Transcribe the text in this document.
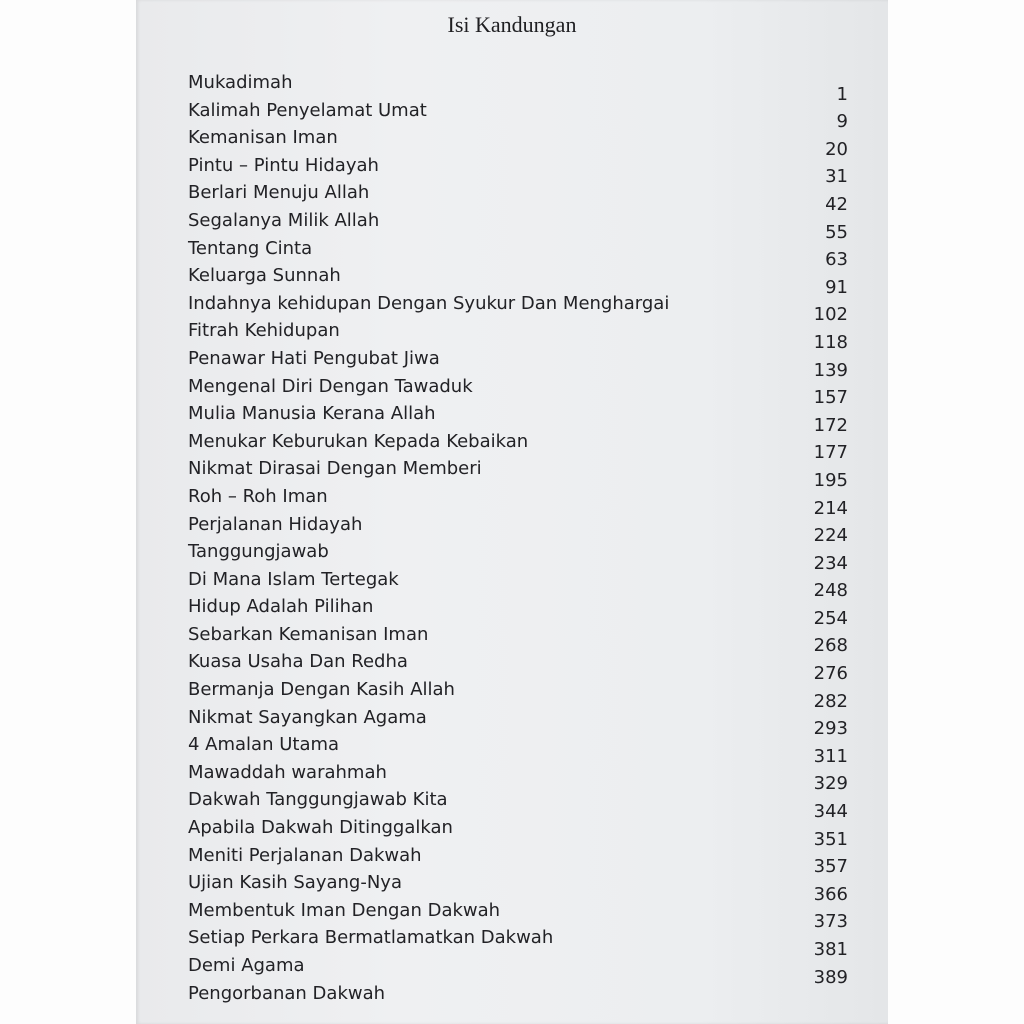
Isi Kandungan
Mukadimah
Kalimah Penyelamat Umat
1
Kemanisan Iman
9
Pintu – Pintu Hidayah
20
Berlari Menuju Allah
31
Segalanya Milik Allah
42
Tentang Cinta
55
Keluarga Sunnah
63
Indahnya kehidupan Dengan Syukur Dan Menghargai
91
Fitrah Kehidupan
102
Penawar Hati Pengubat Jiwa
118
Mengenal Diri Dengan Tawaduk
139
Mulia Manusia Kerana Allah
157
Menukar Keburukan Kepada Kebaikan
172
Nikmat Dirasai Dengan Memberi
177
Roh – Roh Iman
195
Perjalanan Hidayah
214
Tanggungjawab
224
Di Mana Islam Tertegak
234
Hidup Adalah Pilihan
248
Sebarkan Kemanisan Iman
254
Kuasa Usaha Dan Redha
268
Bermanja Dengan Kasih Allah
276
Nikmat Sayangkan Agama
282
4 Amalan Utama
293
Mawaddah warahmah
311
Dakwah Tanggungjawab Kita
329
Apabila Dakwah Ditinggalkan
344
Meniti Perjalanan Dakwah
351
Ujian Kasih Sayang-Nya
357
Membentuk Iman Dengan Dakwah
366
Setiap Perkara Bermatlamatkan Dakwah
373
Demi Agama
381
Pengorbanan Dakwah
389
